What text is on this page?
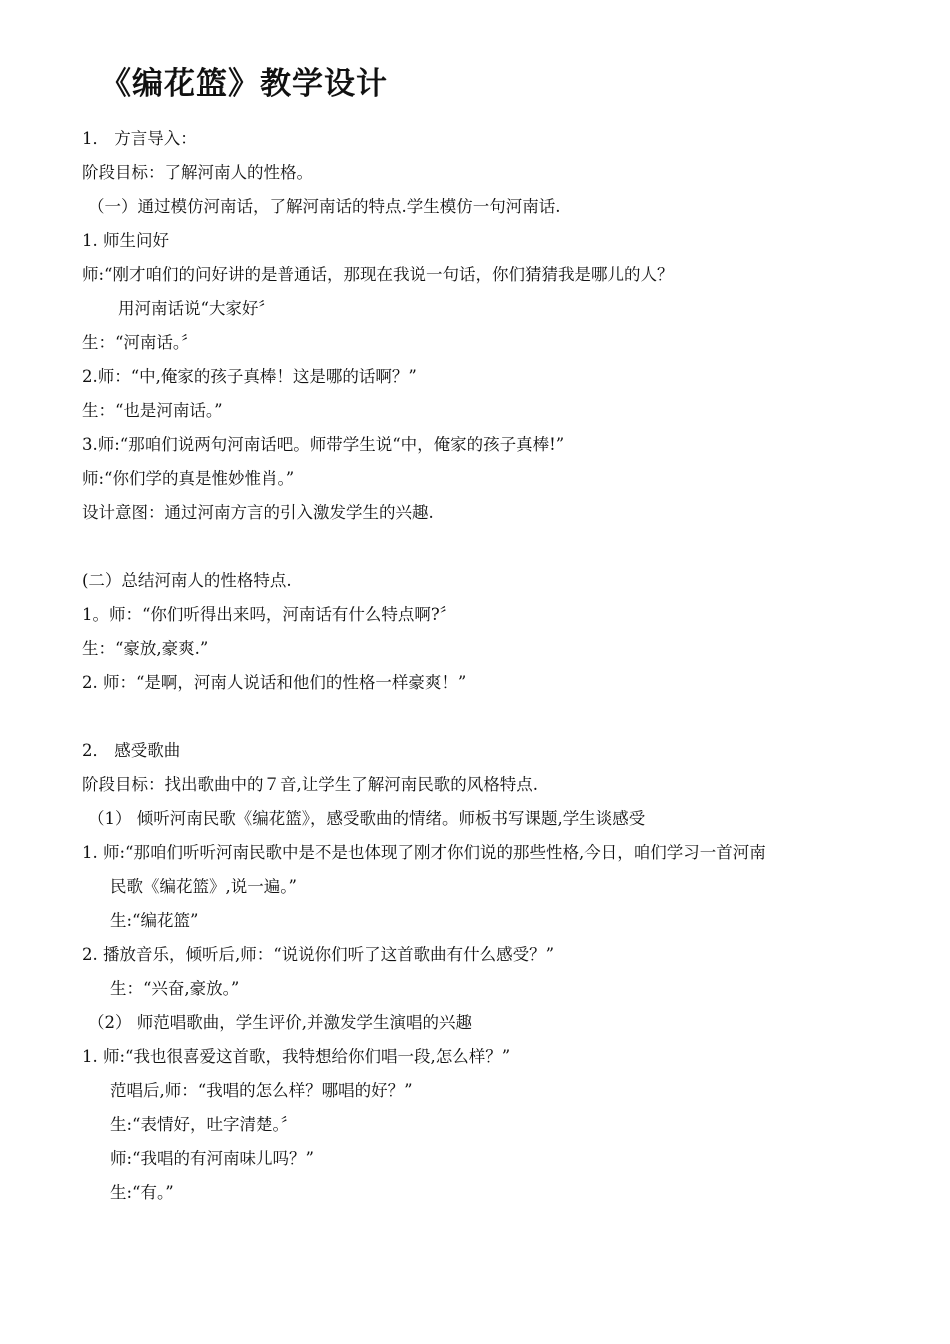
《编花篮》教学设计
1． 方言导入：
阶段目标：了解河南人的性格。
（一）通过模仿河南话，了解河南话的特点.学生模仿一句河南话.
1. 师生问好
师:“刚才咱们的问好讲的是普通话，那现在我说一句话，你们猜猜我是哪儿的人？
用河南话说“大家好〞
生：“河南话。〞
2.师：“中,俺家的孩子真棒！这是哪的话啊？”
生：“也是河南话。”
3.师:“那咱们说两句河南话吧。师带学生说“中，俺家的孩子真棒!”
师:“你们学的真是惟妙惟肖。”
设计意图：通过河南方言的引入激发学生的兴趣.
(二）总结河南人的性格特点.
1。师：“你们听得出来吗，河南话有什么特点啊?〞
生：“豪放,豪爽.”
2. 师：“是啊，河南人说话和他们的性格一样豪爽！”
2． 感受歌曲
阶段目标：找出歌曲中的７音,让学生了解河南民歌的风格特点.
（1） 倾听河南民歌《编花篮》，感受歌曲的情绪。师板书写课题,学生谈感受
1. 师:“那咱们听听河南民歌中是不是也体现了刚才你们说的那些性格,今日，咱们学习一首河南
民歌《编花篮》,说一遍。”
生:“编花篮”
2. 播放音乐，倾听后,师：“说说你们听了这首歌曲有什么感受？”
生：“兴奋,豪放。”
（2） 师范唱歌曲，学生评价,并激发学生演唱的兴趣
1. 师:“我也很喜爱这首歌，我特想给你们唱一段,怎么样？”
范唱后,师：“我唱的怎么样？哪唱的好？”
生:“表情好，吐字清楚。〞
师:“我唱的有河南味儿吗？”
生:“有。”
